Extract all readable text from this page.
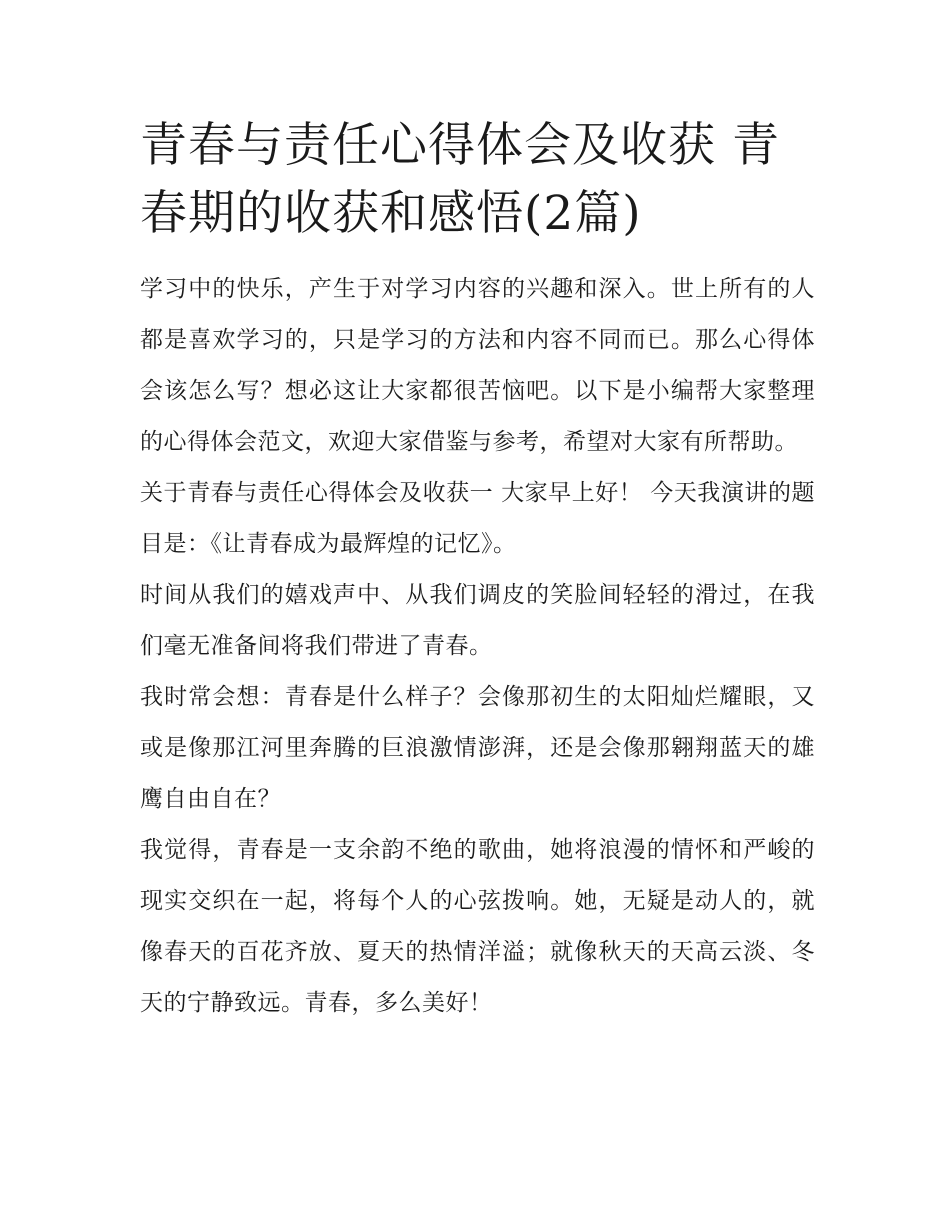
青春与责任心得体会及收获 青春期的收获和感悟(2篇)

学习中的快乐，产生于对学习内容的兴趣和深入。世上所有的人都是喜欢学习的，只是学习的方法和内容不同而已。那么心得体会该怎么写？想必这让大家都很苦恼吧。以下是小编帮大家整理的心得体会范文，欢迎大家借鉴与参考，希望对大家有所帮助。

关于青春与责任心得体会及收获一 大家早上好！ 今天我演讲的题目是：《让青春成为最辉煌的记忆》。

时间从我们的嬉戏声中、从我们调皮的笑脸间轻轻的滑过，在我们毫无准备间将我们带进了青春。

我时常会想：青春是什么样子？会像那初生的太阳灿烂耀眼，又或是像那江河里奔腾的巨浪激情澎湃，还是会像那翱翔蓝天的雄鹰自由自在？

我觉得，青春是一支余韵不绝的歌曲，她将浪漫的情怀和严峻的现实交织在一起，将每个人的心弦拨响。她，无疑是动人的，就像春天的百花齐放、夏天的热情洋溢；就像秋天的天高云淡、冬天的宁静致远。青春，多么美好！
